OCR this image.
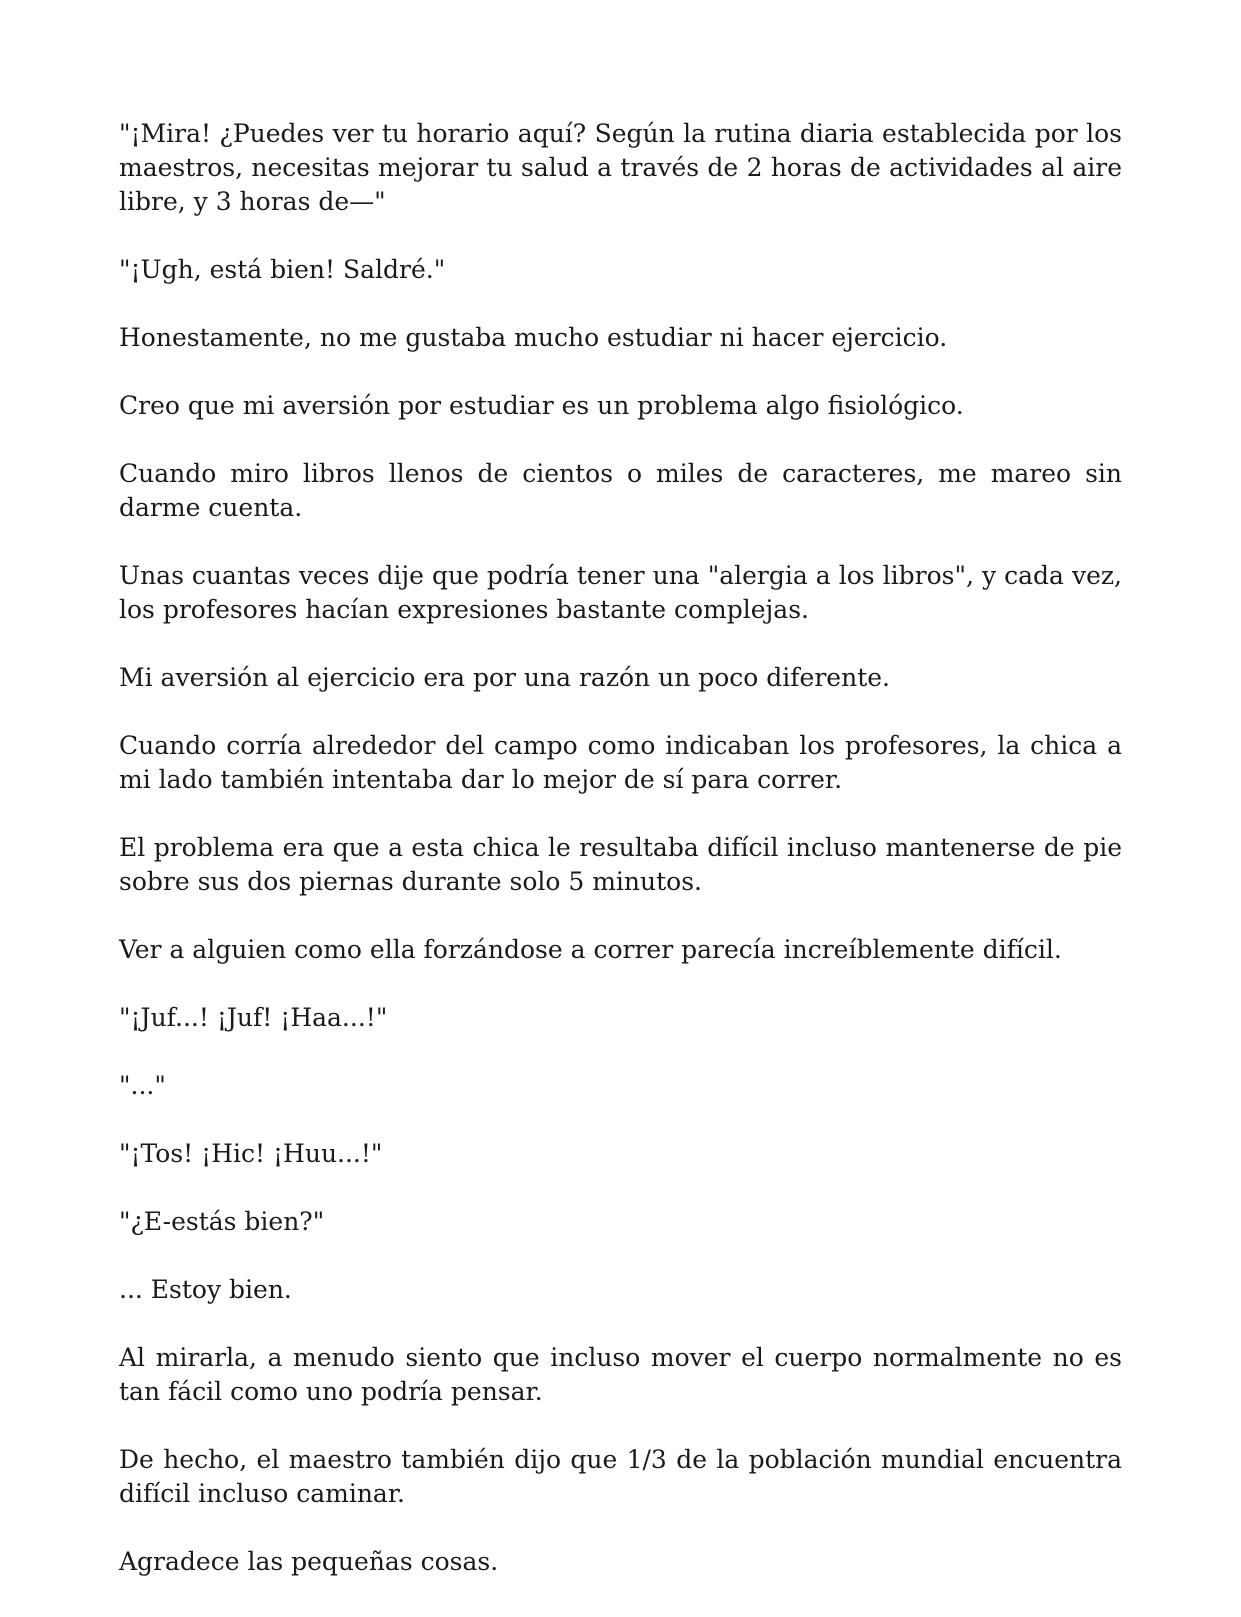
"¡Mira! ¿Puedes ver tu horario aquí? Según la rutina diaria establecida por los maestros, necesitas mejorar tu salud a través de 2 horas de actividades al aire libre, y 3 horas de—"

"¡Ugh, está bien! Saldré."

Honestamente, no me gustaba mucho estudiar ni hacer ejercicio.

Creo que mi aversión por estudiar es un problema algo fisiológico.

Cuando miro libros llenos de cientos o miles de caracteres, me mareo sin darme cuenta.

Unas cuantas veces dije que podría tener una "alergia a los libros", y cada vez, los profesores hacían expresiones bastante complejas.

Mi aversión al ejercicio era por una razón un poco diferente.

Cuando corría alrededor del campo como indicaban los profesores, la chica a mi lado también intentaba dar lo mejor de sí para correr.

El problema era que a esta chica le resultaba difícil incluso mantenerse de pie sobre sus dos piernas durante solo 5 minutos.

Ver a alguien como ella forzándose a correr parecía increíblemente difícil.

"¡Juf...! ¡Juf! ¡Haa...!"

"..."

"¡Tos! ¡Hic! ¡Huu...!"

"¿E-estás bien?"

... Estoy bien.

Al mirarla, a menudo siento que incluso mover el cuerpo normalmente no es tan fácil como uno podría pensar.

De hecho, el maestro también dijo que 1/3 de la población mundial encuentra difícil incluso caminar.

Agradece las pequeñas cosas.
